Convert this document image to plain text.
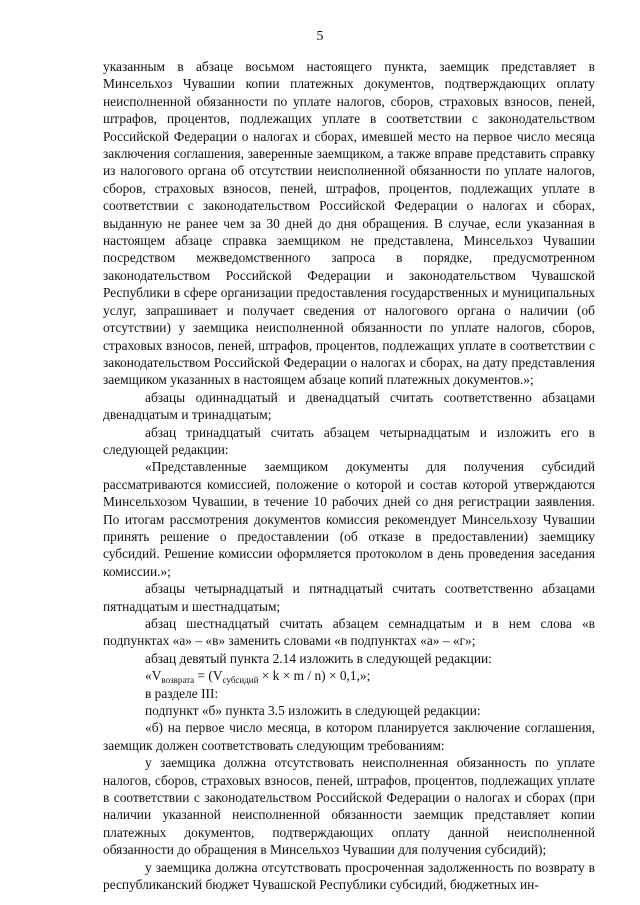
5

указанным в абзаце восьмом настоящего пункта, заемщик представляет в Минсельхоз Чувашии копии платежных документов, подтверждающих оплату неисполненной обязанности по уплате налогов, сборов, страховых взносов, пеней, штрафов, процентов, подлежащих уплате в соответствии с законодательством Российской Федерации о налогах и сборах, имевшей место на первое число месяца заключения соглашения, заверенные заемщиком, а также вправе представить справку из налогового органа об отсутствии неисполненной обязанности по уплате налогов, сборов, страховых взносов, пеней, штрафов, процентов, подлежащих уплате в соответствии с законодательством Российской Федерации о налогах и сборах, выданную не ранее чем за 30 дней до дня обращения. В случае, если указанная в настоящем абзаце справка заемщиком не представлена, Минсельхоз Чувашии посредством межведомственного запроса в порядке, предусмотренном законодательством Российской Федерации и законодательством Чувашской Республики в сфере организации предоставления государственных и муниципальных услуг, запрашивает и получает сведения от налогового органа о наличии (об отсутствии) у заемщика неисполненной обязанности по уплате налогов, сборов, страховых взносов, пеней, штрафов, процентов, подлежащих уплате в соответствии с законодательством Российской Федерации о налогах и сборах, на дату представления заемщиком указанных в настоящем абзаце копий платежных документов.»;

абзацы одиннадцатый и двенадцатый считать соответственно абзацами двенадцатым и тринадцатым;

абзац тринадцатый считать абзацем четырнадцатым и изложить его в следующей редакции:

«Представленные заемщиком документы для получения субсидий рассматриваются комиссией, положение о которой и состав которой утверждаются Минсельхозом Чувашии, в течение 10 рабочих дней со дня регистрации заявления. По итогам рассмотрения документов комиссия рекомендует Минсельхозу Чувашии принять решение о предоставлении (об отказе в предоставлении) заемщику субсидий. Решение комиссии оформляется протоколом в день проведения заседания комиссии.»;

абзацы четырнадцатый и пятнадцатый считать соответственно абзацами пятнадцатым и шестнадцатым;

абзац шестнадцатый считать абзацем семнадцатым и в нем слова «в подпунктах «а» – «в» заменить словами «в подпунктах «а» – «г»;

абзац девятый пункта 2.14 изложить в следующей редакции:

«$V_{возврата} = (V_{субсидий} \times k \times m / n) \times 0,1$,»;

в разделе III:

подпункт «б» пункта 3.5 изложить в следующей редакции:

«б) на первое число месяца, в котором планируется заключение соглашения, заемщик должен соответствовать следующим требованиям:

у заемщика должна отсутствовать неисполненная обязанность по уплате налогов, сборов, страховых взносов, пеней, штрафов, процентов, подлежащих уплате в соответствии с законодательством Российской Федерации о налогах и сборах (при наличии указанной неисполненной обязанности заемщик представляет копии платежных документов, подтверждающих оплату данной неисполненной обязанности до обращения в Минсельхоз Чувашии для получения субсидий);

у заемщика должна отсутствовать просроченная задолженность по возврату в республиканский бюджет Чувашской Республики субсидий, бюджетных ин-
